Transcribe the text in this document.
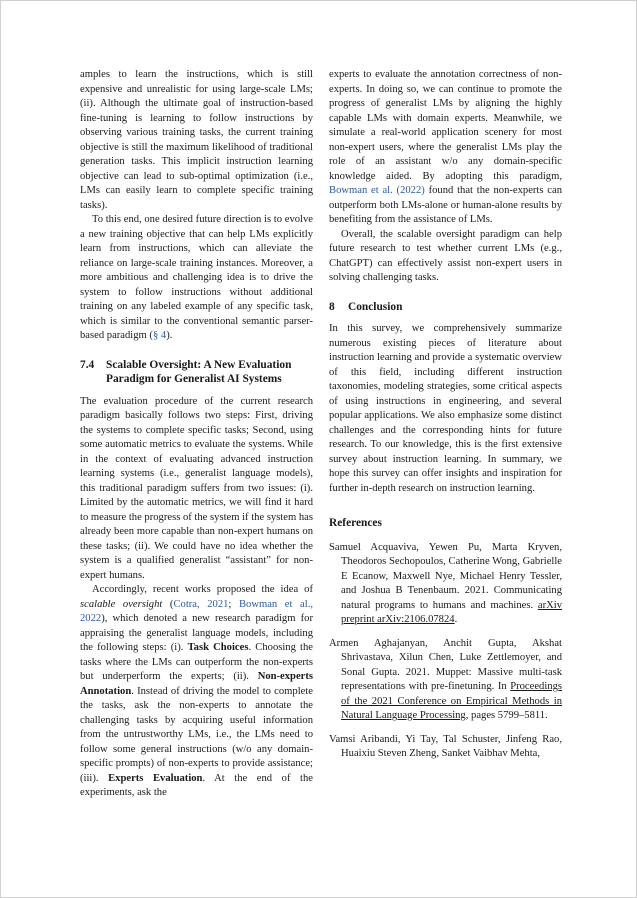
amples to learn the instructions, which is still expensive and unrealistic for using large-scale LMs; (ii). Although the ultimate goal of instruction-based fine-tuning is learning to follow instructions by observing various training tasks, the current training objective is still the maximum likelihood of traditional generation tasks. This implicit instruction learning objective can lead to sub-optimal optimization (i.e., LMs can easily learn to complete specific training tasks).

To this end, one desired future direction is to evolve a new training objective that can help LMs explicitly learn from instructions, which can alleviate the reliance on large-scale training instances. Moreover, a more ambitious and challenging idea is to drive the system to follow instructions without additional training on any labeled example of any specific task, which is similar to the conventional semantic parser-based paradigm (§ 4).

7.4	Scalable Oversight: A New Evaluation Paradigm for Generalist AI Systems

The evaluation procedure of the current research paradigm basically follows two steps: First, driving the systems to complete specific tasks; Second, using some automatic metrics to evaluate the systems. While in the context of evaluating advanced instruction learning systems (i.e., generalist language models), this traditional paradigm suffers from two issues: (i). Limited by the automatic metrics, we will find it hard to measure the progress of the system if the system has already been more capable than non-expert humans on these tasks; (ii). We could have no idea whether the system is a qualified generalist “assistant” for non-expert humans.

Accordingly, recent works proposed the idea of scalable oversight (Cotra, 2021; Bowman et al., 2022), which denoted a new research paradigm for appraising the generalist language models, including the following steps: (i). Task Choices. Choosing the tasks where the LMs can outperform the non-experts but underperform the experts; (ii). Non-experts Annotation. Instead of driving the model to complete the tasks, ask the non-experts to annotate the challenging tasks by acquiring useful information from the untrustworthy LMs, i.e., the LMs need to follow some general instructions (w/o any domain-specific prompts) of non-experts to provide assistance; (iii). Experts Evaluation. At the end of the experiments, ask the

experts to evaluate the annotation correctness of non-experts. In doing so, we can continue to promote the progress of generalist LMs by aligning the highly capable LMs with domain experts. Meanwhile, we simulate a real-world application scenery for most non-expert users, where the generalist LMs play the role of an assistant w/o any domain-specific knowledge aided. By adopting this paradigm, Bowman et al. (2022) found that the non-experts can outperform both LMs-alone or human-alone results by benefiting from the assistance of LMs.

Overall, the scalable oversight paradigm can help future research to test whether current LMs (e.g., ChatGPT) can effectively assist non-expert users in solving challenging tasks.

8	Conclusion

In this survey, we comprehensively summarize numerous existing pieces of literature about instruction learning and provide a systematic overview of this field, including different instruction taxonomies, modeling strategies, some critical aspects of using instructions in engineering, and several popular applications. We also emphasize some distinct challenges and the corresponding hints for future research. To our knowledge, this is the first extensive survey about instruction learning. In summary, we hope this survey can offer insights and inspiration for further in-depth research on instruction learning.

References

Samuel Acquaviva, Yewen Pu, Marta Kryven, Theodoros Sechopoulos, Catherine Wong, Gabrielle E Ecanow, Maxwell Nye, Michael Henry Tessler, and Joshua B Tenenbaum. 2021. Communicating natural programs to humans and machines. arXiv preprint arXiv:2106.07824.

Armen Aghajanyan, Anchit Gupta, Akshat Shrivastava, Xilun Chen, Luke Zettlemoyer, and Sonal Gupta. 2021. Muppet: Massive multi-task representations with pre-finetuning. In Proceedings of the 2021 Conference on Empirical Methods in Natural Language Processing, pages 5799–5811.

Vamsi Aribandi, Yi Tay, Tal Schuster, Jinfeng Rao, Huaixiu Steven Zheng, Sanket Vaibhav Mehta,
